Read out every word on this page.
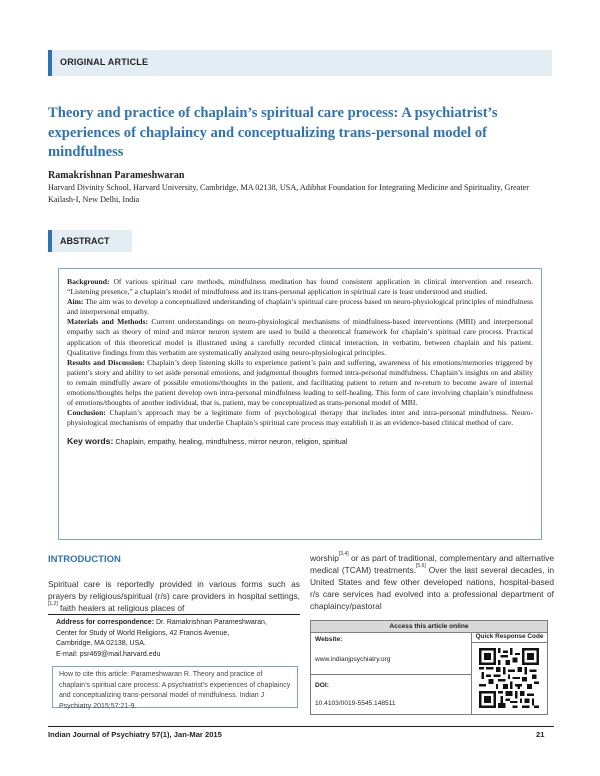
ORIGINAL ARTICLE
Theory and practice of chaplain’s spiritual care process: A psychiatrist’s experiences of chaplaincy and conceptualizing trans-personal model of mindfulness
Ramakrishnan Parameshwaran
Harvard Divinity School, Harvard University, Cambridge, MA 02138, USA, Adibhat Foundation for Integrating Medicine and Spirituality, Greater Kailash-I, New Delhi, India
ABSTRACT

Background: Of various spiritual care methods, mindfulness meditation has found consistent application in clinical intervention and research. “Listening presence,” a chaplain’s model of mindfulness and its trans-personal application in spiritual care is least understood and studied.

Aim: The aim was to develop a conceptualized understanding of chaplain’s spiritual care process based on neuro-physiological principles of mindfulness and interpersonal empathy.

Materials and Methods: Current understandings on neuro-physiological mechanisms of mindfulness-based interventions (MBI) and interpersonal empathy such as theory of mind and mirror neuron system are used to build a theoretical framework for chaplain’s spiritual care process. Practical application of this theoretical model is illustrated using a carefully recorded clinical interaction, in verbatim, between chaplain and his patient. Qualitative findings from this verbatim are systematically analyzed using neuro-physiological principles.

Results and Discussion: Chaplain’s deep listening skills to experience patient’s pain and suffering, awareness of his emotions/memories triggered by patient’s story and ability to set aside personal emotions, and judgmental thoughts formed intra-personal mindfulness. Chaplain’s insights on and ability to remain mindfully aware of possible emotions/thoughts in the patient, and facilitating patient to return and re-return to become aware of internal emotions/thoughts helps the patient develop own intra-personal mindfulness leading to self-healing. This form of care involving chaplain’s mindfulness of emotions/thoughts of another individual, that is, patient, may be conceptualized as trans-personal model of MBI.

Conclusion: Chaplain’s approach may be a legitimate form of psychological therapy that includes inter and intra-personal mindfulness. Neuro-physiological mechanisms of empathy that underlie Chaplain’s spiritual care process may establish it as an evidence-based clinical method of care.

Key words: Chaplain, empathy, healing, mindfulness, mirror neuron, religion, spiritual

INTRODUCTION
Spiritual care is reportedly provided in various forms such as prayers by religious/spiritual (r/s) care providers in hospital settings,[1,2] faith healers at religious places of
worship[3,4] or as part of traditional, complementary and alternative medical (TCAM) treatments.[5,6] Over the last several decades, in United States and few other developed nations, hospital-based r/s care services had evolved into a professional department of chaplaincy/pastoral
Address for correspondence: Dr. Ramakrishnan Parameshwaran,
Center for Study of World Religions, 42 Francis Avenue,
Cambridge, MA 02138, USA.
E-mail: psr469@mail.harvard.edu
How to cite this article: Parameshwaran R. Theory and practice of chaplain’s spiritual care process: A psychiatrist’s experiences of chaplaincy and conceptualizing trans-personal model of mindfulness. Indian J Psychiatry 2015;57:21-9.
Access this article online
Website:
www.indianjpsychiatry.org
DOI:
10.4103/0019-5545.148511
Quick Response Code
Indian Journal of Psychiatry 57(1), Jan-Mar 2015	21
